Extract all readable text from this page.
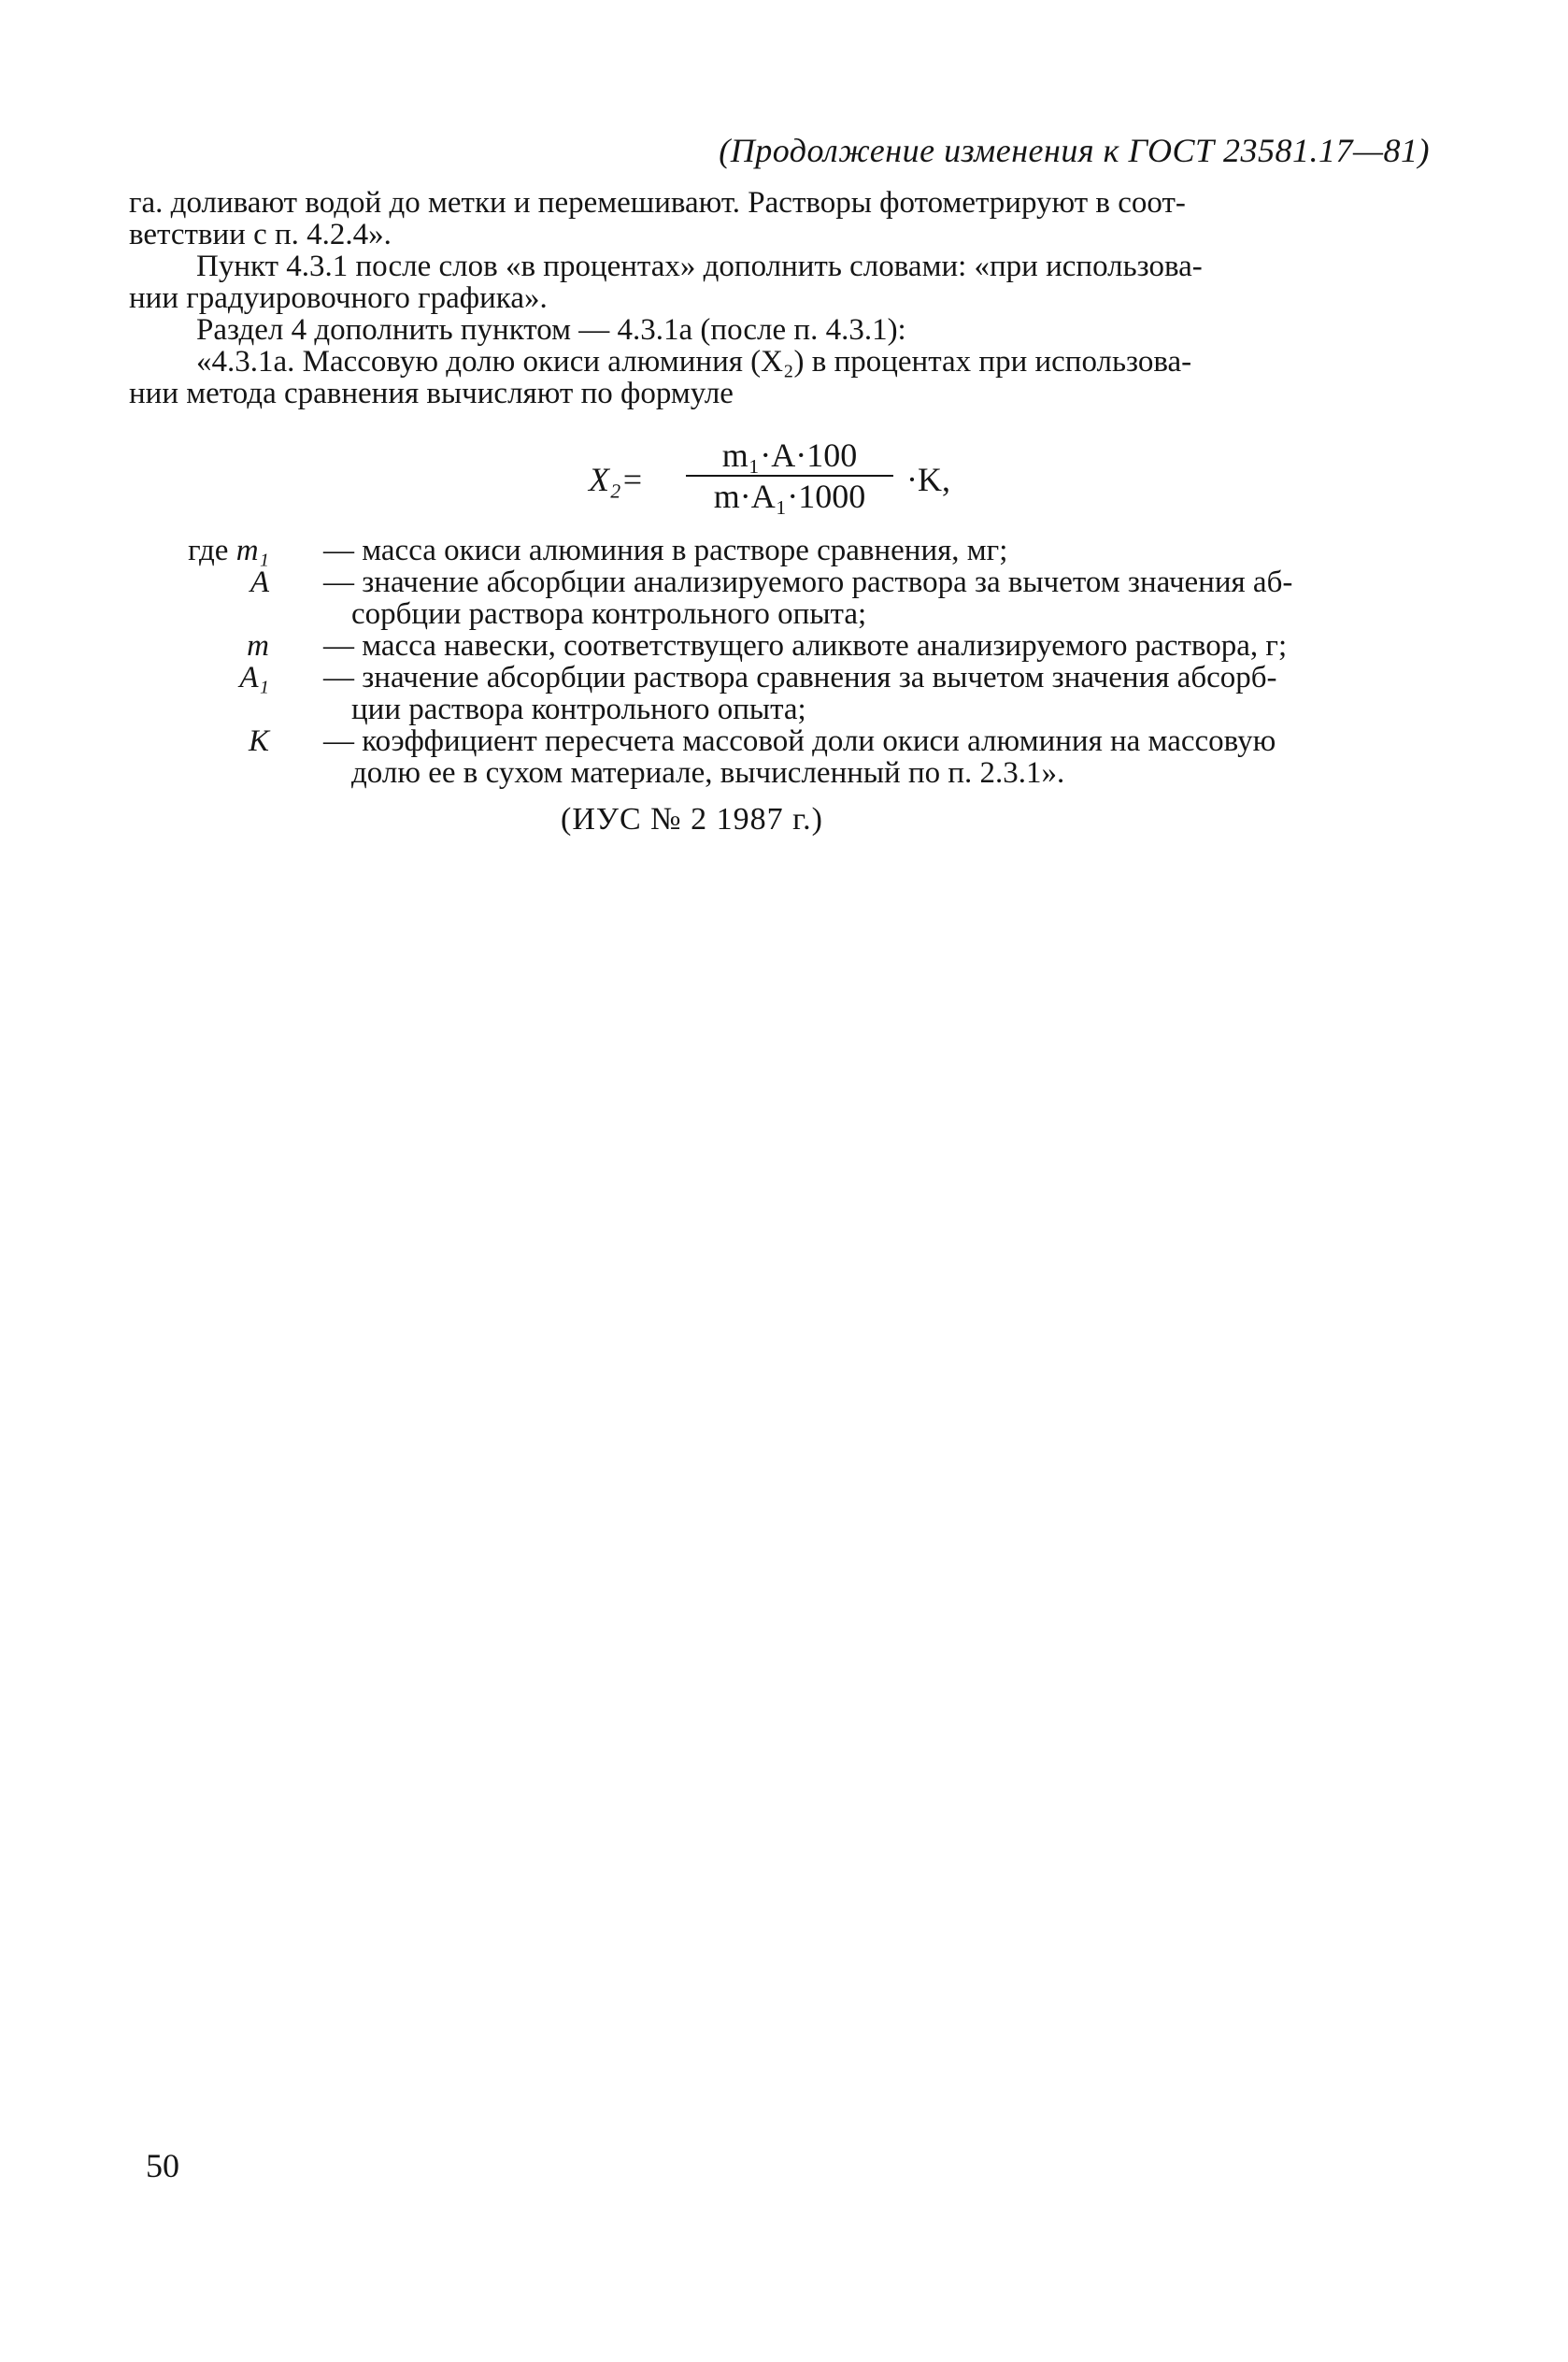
(Продолжение изменения к ГОСТ 23581.17—81)
га. доливают водой до метки и перемешивают. Растворы фотометрируют в соот-
ветствии с п. 4.2.4».
Пункт 4.3.1 после слов «в процентах» дополнить словами: «при использова-
нии градуировочного графика».
Раздел 4 дополнить пунктом — 4.3.1а (после п. 4.3.1):
«4.3.1а. Массовую долю окиси алюминия (X₂) в процентах при использова-
нии метода сравнения вычисляют по формуле
X₂=
m₁·A·100
m·A₁·1000	·K,
где m₁ — масса окиси алюминия в растворе сравнения, мг;
A — значение абсорбции анализируемого раствора за вычетом значения аб-
сорбции раствора контрольного опыта;
m — масса навески, соответствущего аликвоте анализируемого раствора, г;
A₁ — значение абсорбции раствора сравнения за вычетом значения абсорб-
ции раствора контрольного опыта;
K — коэффициент пересчета массовой доли окиси алюминия на массовую
долю ее в сухом материале, вычисленный по п. 2.3.1».
(ИУС № 2 1987 г.)
50
